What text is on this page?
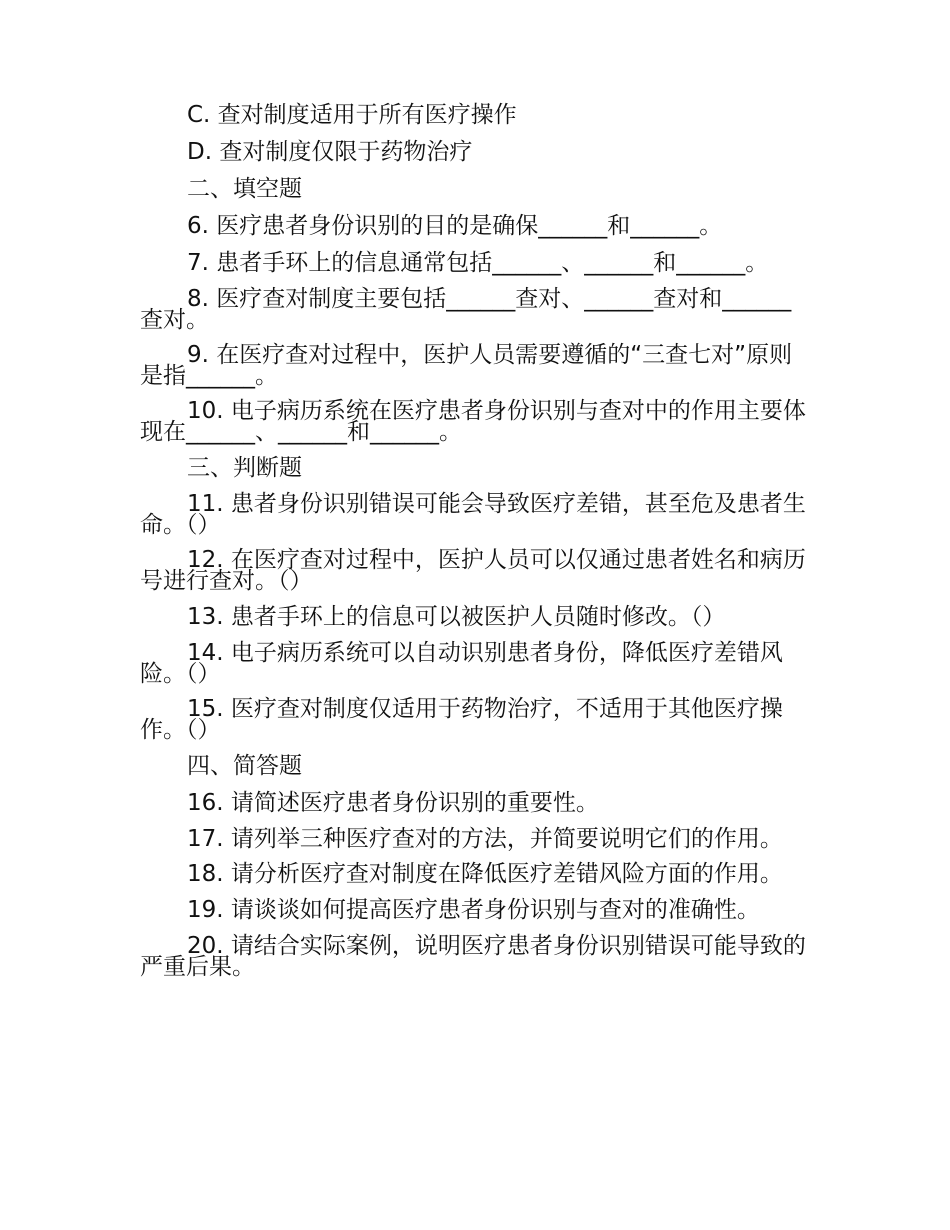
C. 查对制度适用于所有医疗操作

D. 查对制度仅限于药物治疗

二、填空题

6. 医疗患者身份识别的目的是确保______和______。

7. 患者手环上的信息通常包括______、______和______。

8. 医疗查对制度主要包括______查对、______查对和______查对。

9. 在医疗查对过程中，医护人员需要遵循的“三查七对”原则是指______。

10. 电子病历系统在医疗患者身份识别与查对中的作用主要体现在______、______和______。

三、判断题

11. 患者身份识别错误可能会导致医疗差错，甚至危及患者生命。（）

12. 在医疗查对过程中，医护人员可以仅通过患者姓名和病历号进行查对。（）

13. 患者手环上的信息可以被医护人员随时修改。（）

14. 电子病历系统可以自动识别患者身份，降低医疗差错风险。（）

15. 医疗查对制度仅适用于药物治疗，不适用于其他医疗操作。（）

四、简答题

16. 请简述医疗患者身份识别的重要性。

17. 请列举三种医疗查对的方法，并简要说明它们的作用。

18. 请分析医疗查对制度在降低医疗差错风险方面的作用。

19. 请谈谈如何提高医疗患者身份识别与查对的准确性。

20. 请结合实际案例，说明医疗患者身份识别错误可能导致的严重后果。
